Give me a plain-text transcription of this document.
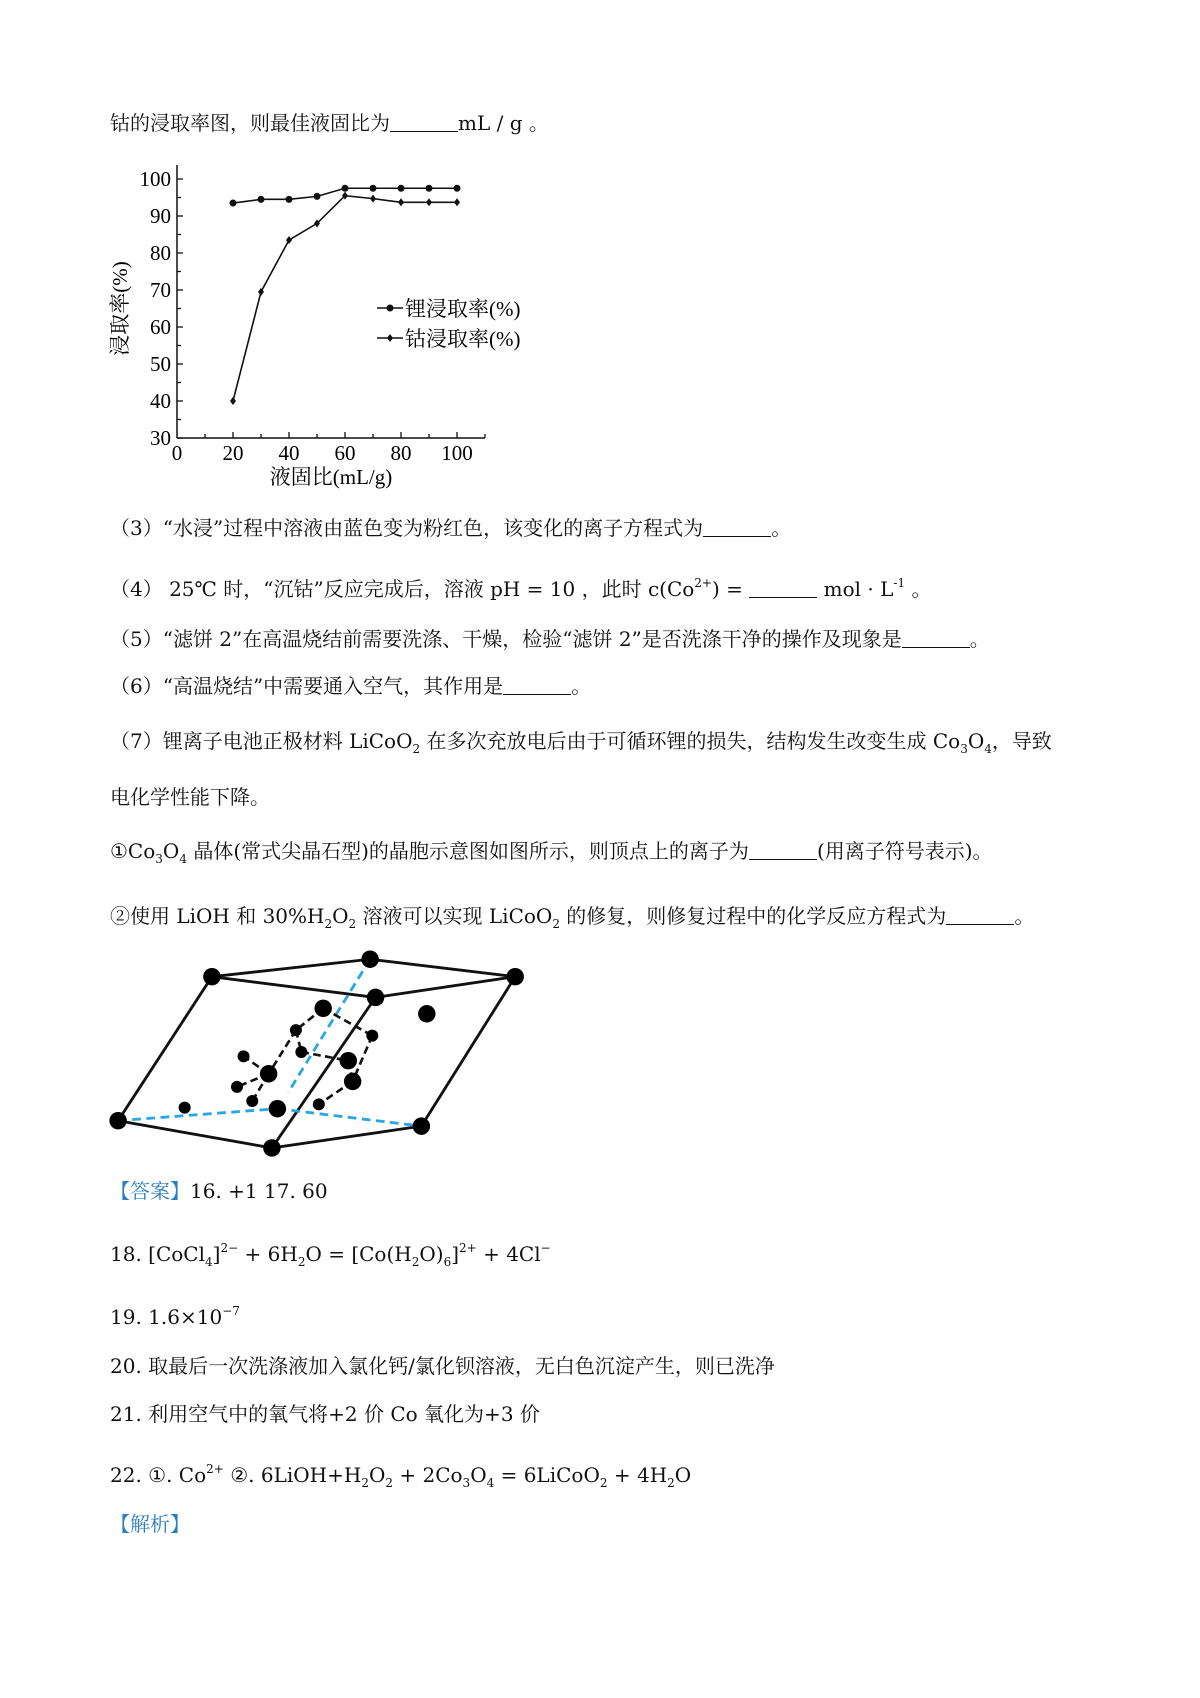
钴的浸取率图，则最佳液固比为	mL / g 。
30
40
50
60
70
80
90
100
0 20 40 60 80 100
液固比(mL/g)
浸取率(%)	锂浸取率(%)
钴浸取率(%)
（3）“水浸”过程中溶液由蓝色变为粉红色，该变化的离子方程式为	。
（4） 25℃ 时，“沉钴”反应完成后，溶液 pH = 10 ，此时 $c(Co^{2+})$ =	mol · $L^{-1}$ 。
（5）“滤饼 2”在高温烧结前需要洗涤、干燥，检验“滤饼 2”是否洗涤干净的操作及现象是	。
（6）“高温烧结”中需要通入空气，其作用是	。
（7）锂离子电池正极材料 LiCoO$_2$ 在多次充放电后由于可循环锂的损失，结构发生改变生成 $Co_3O_4$，导致
电化学性能下降。
$①Co_3O_4$ 晶体(常式尖晶石型)的晶胞示意图如图所示，则顶点上的离子为	(用离子符号表示)。
②使用 LiOH 和 $30\%H_2O_2$ 溶液可以实现 LiCoO$_2$ 的修复，则修复过程中的化学反应方程式为	。
【答案】16. +1 17. 60
18. [CoCl$_4$]$^{2-}$ + $6H_2O = [Co(H_2O)_6]^{2+} + 4Cl^-$
19. $1.6\times 10^{-7}$
20. 取最后一次洗涤液加入氯化钙/氯化钡溶液，无白色沉淀产生，则已洗净
21. 利用空气中的氧气将+2 价 Co 氧化为+3 价
22. ①. $Co^{2+}$ ②. $6LiOH+H_2O_2 + 2Co_3O_4$ = 6LiCoO$_2$ + $4H_2O$
【解析】
